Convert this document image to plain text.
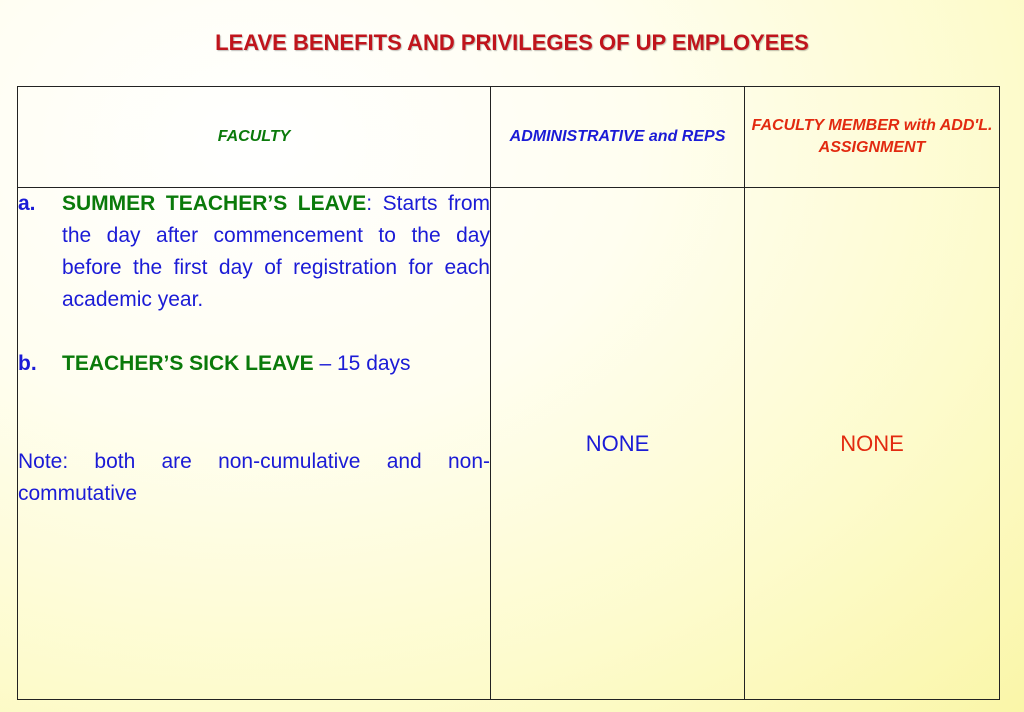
LEAVE BENEFITS AND PRIVILEGES OF UP EMPLOYEES
FACULTY	ADMINISTRATIVE and REPS	FACULTY MEMBER with ADD'L. ASSIGNMENT

a. SUMMER TEACHER’S LEAVE: Starts from the day after commencement to the day before the first day of registration for each academic year.
b. TEACHER’S SICK LEAVE – 15 days
Note: both are non-cumulative and non-commutative	NONE	NONE
